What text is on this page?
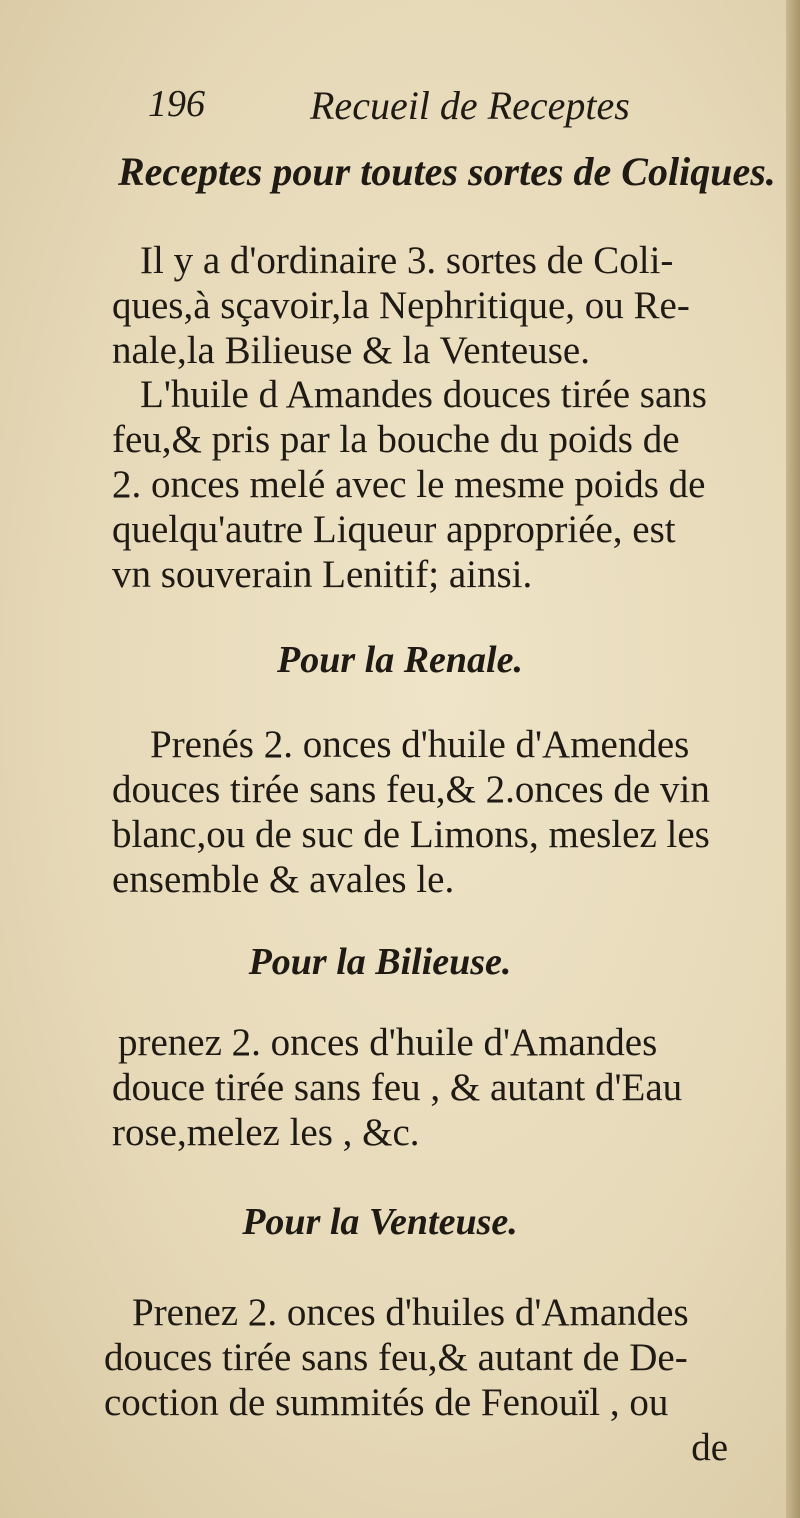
196	Recueil de Receptes
Receptes pour toutes sortes de Coliques.
Il y a d'ordinaire 3. sortes de Coli-
ques,à sçavoir,la Nephritique, ou Re-
nale,la Bilieuse & la Venteuse.
L'huile d Amandes douces tirée sans
feu,& pris par la bouche du poids de
2. onces melé avec le mesme poids de
quelqu'autre Liqueur appropriée, est
vn souverain Lenitif; ainsi.
Pour la Renale.
Prenés 2. onces d'huile d'Amendes
douces tirée sans feu,& 2.onces de vin
blanc,ou de suc de Limons, meslez les
ensemble & avales le.
Pour la Bilieuse.
prenez 2. onces d'huile d'Amandes
douce tirée sans feu , & autant d'Eau
rose,melez les , &c.
Pour la Venteuse.
Prenez 2. onces d'huiles d'Amandes
douces tirée sans feu,& autant de De-
coction de summités de Fenouïl , ou
de
